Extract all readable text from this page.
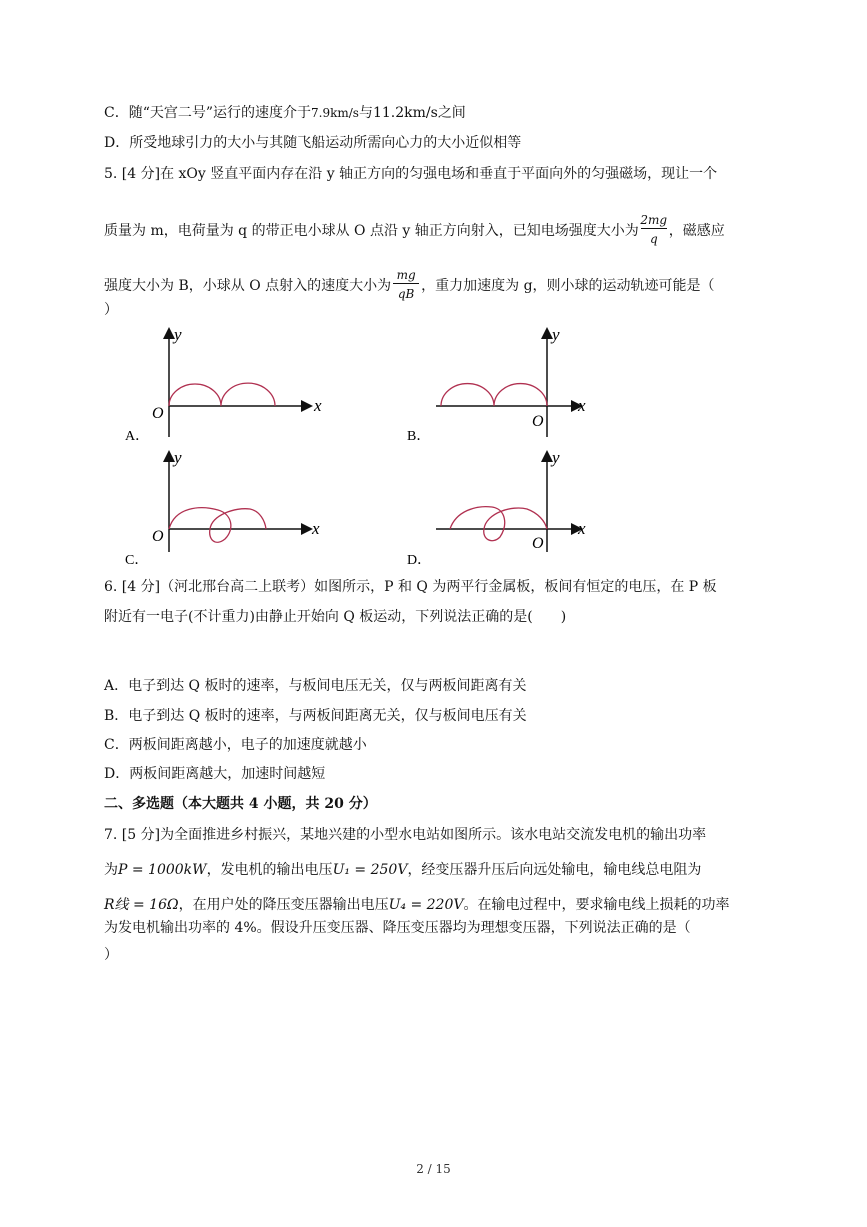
C．随“天宫二号”运行的速度介于7.9km/s与11.2km/s之间
D．所受地球引力的大小与其随飞船运动所需向心力的大小近似相等
5. [4 分]在 xOy 竖直平面内存在沿 y 轴正方向的匀强电场和垂直于平面向外的匀强磁场，现让一个
质量为 m，电荷量为 q 的带正电小球从 O 点沿 y 轴正方向射入，已知电场强度大小为 $\frac{2mg}{q}$ ，磁感应
强度大小为 B，小球从 O 点射入的速度大小为 $\frac{mg}{qB}$ ，重力加速度为 g，则小球的运动轨迹可能是（
）
y
x
O
A．
y
x
O
B．
y
x
O
C．
y
x
O
D．
6. [4 分]（河北邢台高二上联考）如图所示，P 和 Q 为两平行金属板，板间有恒定的电压，在 P 板
附近有一电子(不计重力)由静止开始向 Q 板运动，下列说法正确的是(　　)
A．电子到达 Q 板时的速率，与板间电压无关，仅与两板间距离有关
B．电子到达 Q 板时的速率，与两板间距离无关，仅与板间电压有关
C．两板间距离越小，电子的加速度就越小
D．两板间距离越大，加速时间越短
二、多选题（本大题共 4 小题，共 20 分）
7. [5 分]为全面推进乡村振兴，某地兴建的小型水电站如图所示。该水电站交流发电机的输出功率
为P = 1000kW，发电机的输出电压U₁ = 250V，经变压器升压后向远处输电，输电线总电阻为
R线 = 16Ω，在用户处的降压变压器输出电压U₄ = 220V。在输电过程中，要求输电线上损耗的功率
为发电机输出功率的 4%。假设升压变压器、降压变压器均为理想变压器，下列说法正确的是（
）
2 / 15
